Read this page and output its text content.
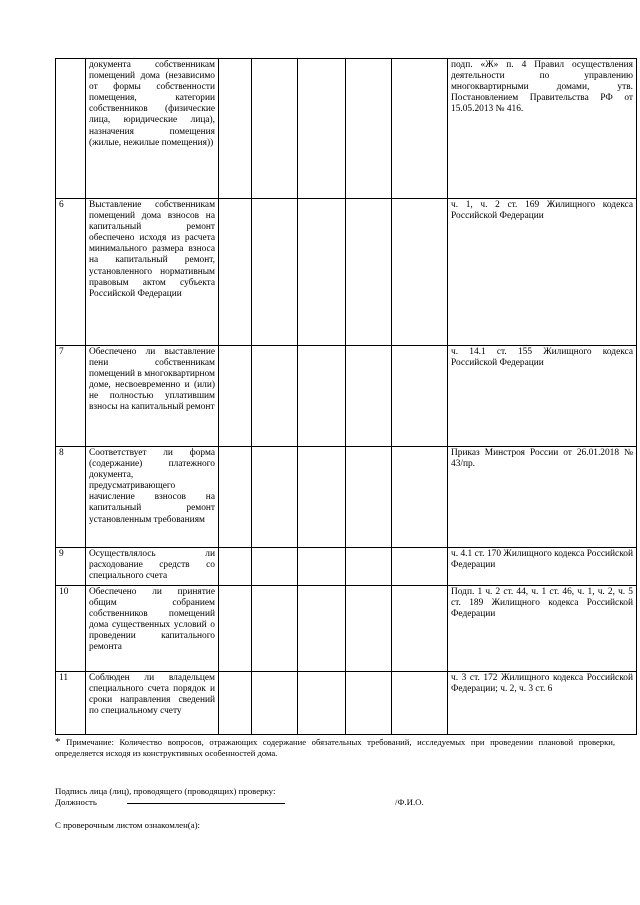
	документа собственникам помещений дома (независимо от формы собственности помещения, категории собственников (физические лица, юридические лица), назначения помещения (жилые, нежилые помещения))						подп. «Ж» п. 4 Правил осуществления деятельности по управлению многоквартирными домами, утв. Постановлением Правительства РФ от 15.05.2013 № 416.
6	Выставление собственникам помещений дома взносов на капитальный ремонт обеспечено исходя из расчета минимального размера взноса на капитальный ремонт, установленного нормативным правовым актом субъекта Российской Федерации						ч. 1, ч. 2 ст. 169 Жилищного кодекса Российской Федерации
7	Обеспечено ли выставление пени собственникам помещений в многоквартирном доме, несвоевременно и (или) не полностью уплатившим взносы на капитальный ремонт						ч. 14.1 ст. 155 Жилищного кодекса Российской Федерации
8	Соответствует ли форма (содержание) платежного документа, предусматривающего начисление взносов на капитальный ремонт установленным требованиям						Приказ Минстроя России от 26.01.2018 № 43/пр.
9	Осуществлялось ли расходование средств со специального счета						ч. 4.1 ст. 170 Жилищного кодекса Российской Федерации
10	Обеспечено ли принятие общим собранием собственников помещений дома существенных условий о проведении капитального ремонта						Подп. 1 ч. 2 ст. 44, ч. 1 ст. 46, ч. 1, ч. 2, ч. 5 ст. 189 Жилищного кодекса Российской Федерации
11	Соблюден ли владельцем специального счета порядок и сроки направления сведений по специальному счету						ч. 3 ст. 172 Жилищного кодекса Российской Федерации; ч. 2, ч. 3 ст. 6
* Примечание: Количество вопросов, отражающих содержание обязательных требований, исследуемых при проведении плановой проверки, определяется исходя из конструктивных особенностей дома.
Подпись лица (лиц), проводящего (проводящих) проверку:
Должность	/Ф.И.О.
С проверочным листом ознакомлен(а):
